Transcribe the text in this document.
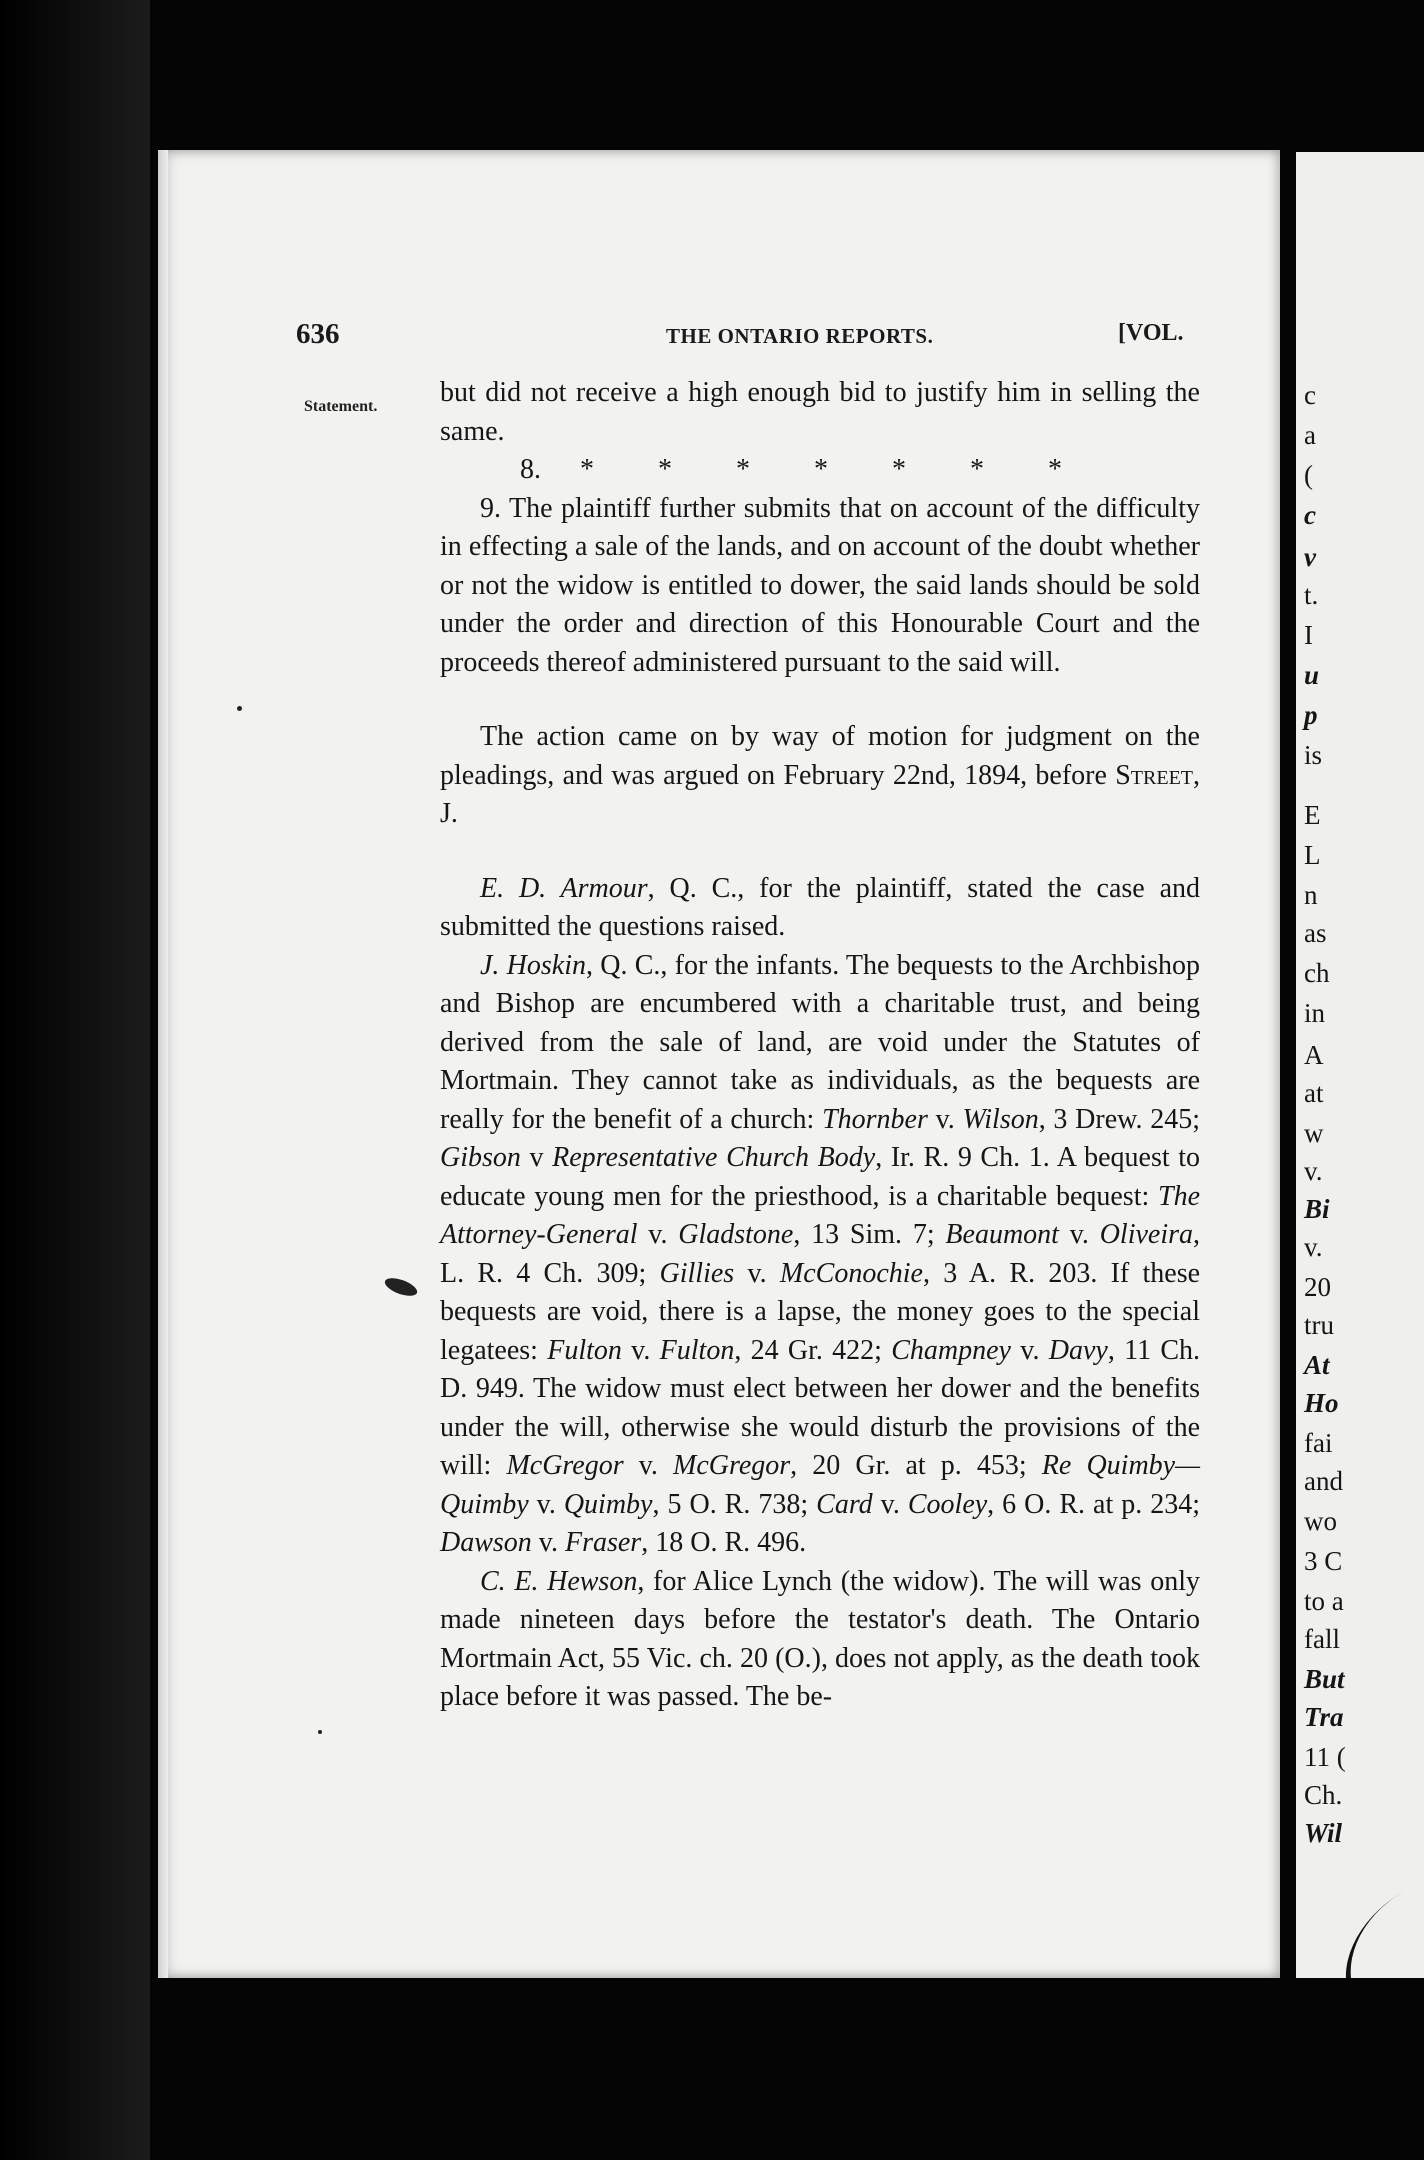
c
a
(
c
v
t.
I
u
p
is
E
L
n
as
ch
in
A
at
w
v.
Bi
v.
20
tru
At
Ho
fai
and
wo
3 C
to a
fall
But
Tra
11 (
Ch.
Wil
636	THE ONTARIO REPORTS.	[VOL.
Statement. but did not receive a high enough bid to justify him in selling the same.

8. * * * * * * *

9. The plaintiff further submits that on account of the difficulty in effecting a sale of the lands, and on account of the doubt whether or not the widow is entitled to dower, the said lands should be sold under the order and direction of this Honourable Court and the proceeds thereof administered pursuant to the said will.

The action came on by way of motion for judgment on the pleadings, and was argued on February 22nd, 1894, before Street, J.

E. D. Armour, Q. C., for the plaintiff, stated the case and submitted the questions raised.

J. Hoskin, Q. C., for the infants. The bequests to the Archbishop and Bishop are encumbered with a charitable trust, and being derived from the sale of land, are void under the Statutes of Mortmain. They cannot take as individuals, as the bequests are really for the benefit of a church: Thornber v. Wilson, 3 Drew. 245; Gibson v Representative Church Body, Ir. R. 9 Ch. 1. A bequest to educate young men for the priesthood, is a charitable bequest: The Attorney-General v. Gladstone, 13 Sim. 7; Beaumont v. Oliveira, L. R. 4 Ch. 309; Gillies v. McConochie, 3 A. R. 203. If these bequests are void, there is a lapse, the money goes to the special legatees: Fulton v. Fulton, 24 Gr. 422; Champney v. Davy, 11 Ch. D. 949. The widow must elect between her dower and the benefits under the will, otherwise she would disturb the provisions of the will: McGregor v. McGregor, 20 Gr. at p. 453; Re Quimby—Quimby v. Quimby, 5 O. R. 738; Card v. Cooley, 6 O. R. at p. 234; Dawson v. Fraser, 18 O. R. 496.

C. E. Hewson, for Alice Lynch (the widow). The will was only made nineteen days before the testator's death. The Ontario Mortmain Act, 55 Vic. ch. 20 (O.), does not apply, as the death took place before it was passed. The be-
